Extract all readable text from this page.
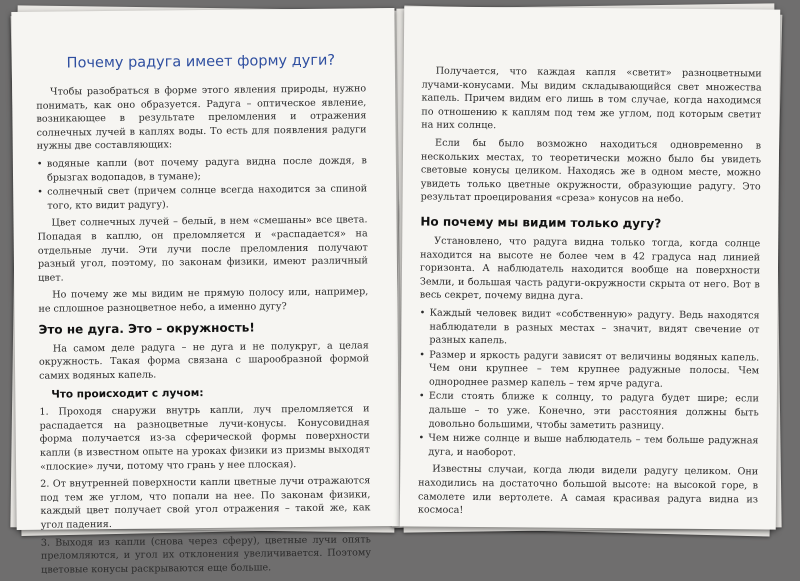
Почему радуга имеет форму дуги?

Чтобы разобраться в форме этого явления природы, нужно понимать, как оно образуется. Радуга – оптическое явление, возникающее в результате преломления и отражения солнечных лучей в каплях воды. То есть для появления радуги нужны две составляющих:

• водяные капли (вот почему радуга видна после дождя, в брызгах водопадов, в тумане);
• солнечный свет (причем солнце всегда находится за спиной того, кто видит радугу).

Цвет солнечных лучей – белый, в нем «смешаны» все цвета. Попадая в каплю, он преломляется и «распадается» на отдельные лучи. Эти лучи после преломления получают разный угол, поэтому, по законам физики, имеют различный цвет.

Но почему же мы видим не прямую полосу или, например, не сплошное разноцветное небо, а именно дугу?

Это не дуга. Это – окружность!

На самом деле радуга – не дуга и не полукруг, а целая окружность. Такая форма связана с шарообразной формой самих водяных капель.

Что происходит с лучом:

1. Проходя снаружи внутрь капли, луч преломляется и распадается на разноцветные лучи-конусы. Конусовидная форма получается из-за сферической формы поверхности капли (в известном опыте на уроках физики из призмы выходят «плоские» лучи, потому что грань у нее плоская).

2. От внутренней поверхности капли цветные лучи отражаются под тем же углом, что попали на нее. По законам физики, каждый цвет получает свой угол отражения – такой же, как угол падения.

3. Выходя из капли (снова через сферу), цветные лучи опять преломляются, и угол их отклонения увеличивается. Поэтому цветовые конусы раскрываются еще больше.

Получается, что каждая капля «светит» разноцветными лучами-конусами. Мы видим складывающийся свет множества капель. Причем видим его лишь в том случае, когда находимся по отношению к каплям под тем же углом, под которым светит на них солнце.

Если бы было возможно находиться одновременно в нескольких местах, то теоретически можно было бы увидеть световые конусы целиком. Находясь же в одном месте, можно увидеть только цветные окружности, образующие радугу. Это результат проецирования «среза» конусов на небо.

Но почему мы видим только дугу?

Установлено, что радуга видна только тогда, когда солнце находится на высоте не более чем в 42 градуса над линией горизонта. А наблюдатель находится вообще на поверхности Земли, и большая часть радуги-окружности скрыта от него. Вот в весь секрет, почему видна дуга.

• Каждый человек видит «собственную» радугу. Ведь находятся наблюдатели в разных местах – значит, видят свечение от разных капель.
• Размер и яркость радуги зависят от величины водяных капель. Чем они крупнее – тем крупнее радужные полосы. Чем однороднее размер капель – тем ярче радуга.
• Если стоять ближе к солнцу, то радуга будет шире; если дальше – то уже. Конечно, эти расстояния должны быть довольно большими, чтобы заметить разницу.
• Чем ниже солнце и выше наблюдатель – тем больше радужная дуга, и наоборот.

Известны случаи, когда люди видели радугу целиком. Они находились на достаточно большой высоте: на высокой горе, в самолете или вертолете. А самая красивая радуга видна из космоса!
